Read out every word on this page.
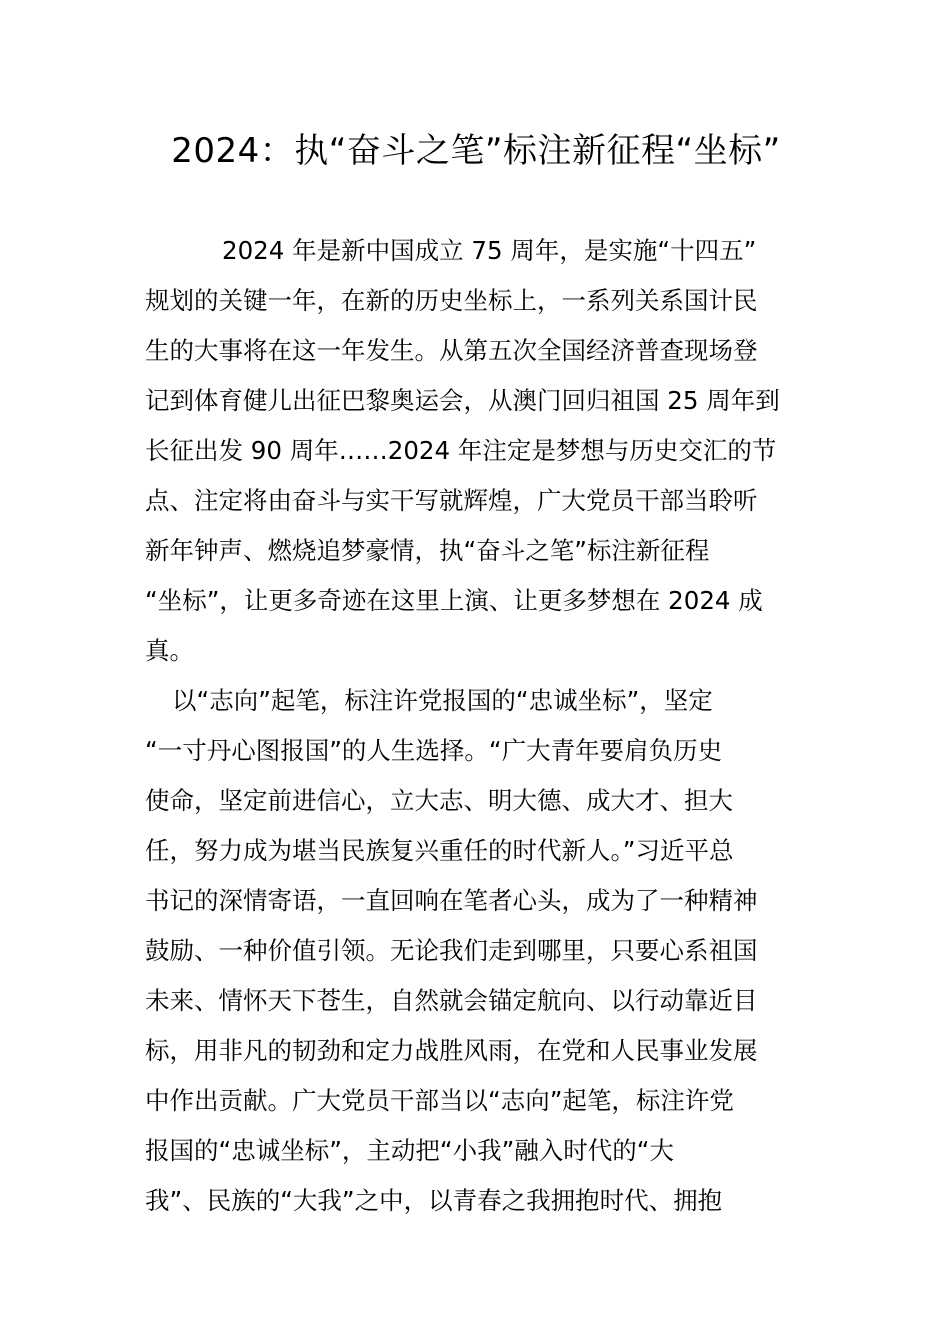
2024：执“奋斗之笔”标注新征程“坐标”

2024 年是新中国成立 75 周年，是实施“十四五”

规划的关键一年，在新的历史坐标上，一系列关系国计民

生的大事将在这一年发生。从第五次全国经济普查现场登

记到体育健儿出征巴黎奥运会，从澳门回归祖国 25 周年到

长征出发 90 周年……2024 年注定是梦想与历史交汇的节

点、注定将由奋斗与实干写就辉煌，广大党员干部当聆听

新年钟声、燃烧追梦豪情，执“奋斗之笔”标注新征程

“坐标”，让更多奇迹在这里上演、让更多梦想在 2024 成

真。

以“志向”起笔，标注许党报国的“忠诚坐标”，坚定

“一寸丹心图报国”的人生选择。“广大青年要肩负历史

使命，坚定前进信心，立大志、明大德、成大才、担大

任，努力成为堪当民族复兴重任的时代新人。”习近平总

书记的深情寄语，一直回响在笔者心头，成为了一种精神

鼓励、一种价值引领。无论我们走到哪里，只要心系祖国

未来、情怀天下苍生，自然就会锚定航向、以行动靠近目

标，用非凡的韧劲和定力战胜风雨，在党和人民事业发展

中作出贡献。广大党员干部当以“志向”起笔，标注许党

报国的“忠诚坐标”，主动把“小我”融入时代的“大

我”、民族的“大我”之中，以青春之我拥抱时代、拥抱
